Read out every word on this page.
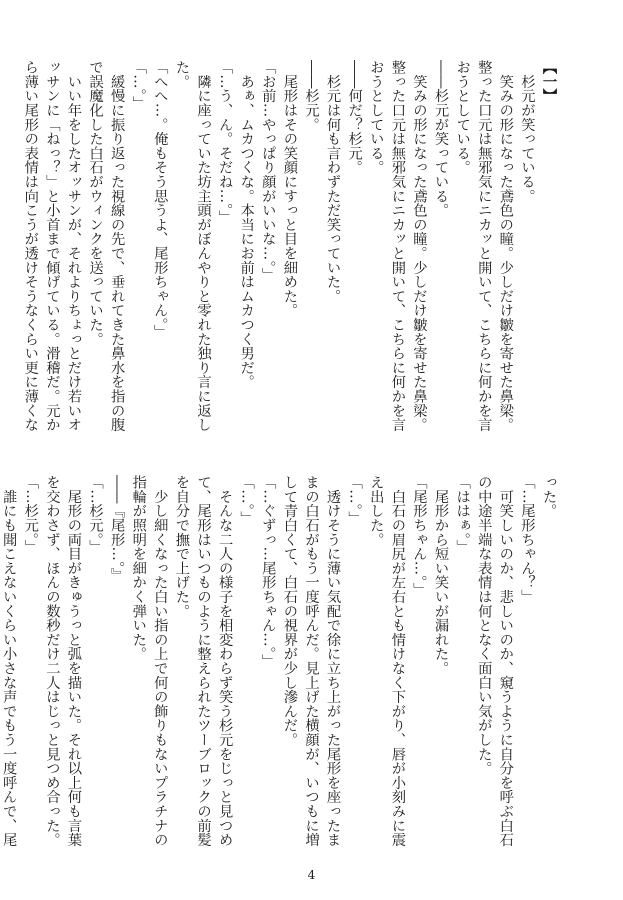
【一】
　杉元が笑っている。
　笑みの形になった鳶色の瞳。少しだけ皺を寄せた鼻梁。
整った口元は無邪気にニカッと開いて、こちらに何かを言
おうとしている。
――杉元が笑っている。
　笑みの形になった鳶色の瞳。少しだけ皺を寄せた鼻梁。
整った口元は無邪気にニカッと開いて、こちらに何かを言
おうとしている。
――何だ？杉元。
　杉元は何も言わずただ笑っていた。
――杉元。
　尾形はその笑顔にすっと目を細めた。
「お前…やっぱり顔がいいな…。」
　あぁ、ムカつくな。本当にお前はムカつく男だ。
「…う、ん。そだね…。」
　隣に座っていた坊主頭がぼんやりと零れた独り言に返し
た。
「へへ…。俺もそう思うよ、尾形ちゃん。」
「…。」
　緩慢に振り返った視線の先で、垂れてきた鼻水を指の腹
で誤魔化した白石がウィンクを送っていた。
　いい年をしたオッサンが、それよりちょっとだけ若いオ
ッサンに「ねっ？」と小首まで傾げている。滑稽だ。元か
ら薄い尾形の表情は向こうが透けそうなくらい更に薄くな
った。
「…尾形ちゃん？」
　可笑しいのか、悲しいのか、窺うように自分を呼ぶ白石
の中途半端な表情は何となく面白い気がした。
「ははぁ。」
　尾形から短い笑いが漏れた。
「尾形ちゃん…。」
　白石の眉尻が左右とも情けなく下がり、唇が小刻みに震
え出した。
「…。」
　透けそうに薄い気配で徐に立ち上がった尾形を座ったま
まの白石がもう一度呼んだ。見上げた横顔が、いつもに増
して青白くて、白石の視界が少し滲んだ。
「…ぐずっ…尾形ちゃん…。」
「…。」
　そんな二人の様子を相変わらず笑う杉元をじっと見つめ
て、尾形はいつものように整えられたツーブロックの前髪
を自分で撫で上げた。
　少し細くなった白い指の上で何の飾りもないプラチナの
指輪が照明を細かく弾いた。
――『尾形…。』
「…杉元。」
　尾形の両目がきゅうっと弧を描いた。それ以上何も言葉
を交わさず、ほんの数秒だけ二人はじっと見つめ合った。
「…杉元。」
　誰にも聞こえないくらい小さな声でもう一度呼んで、尾
4
